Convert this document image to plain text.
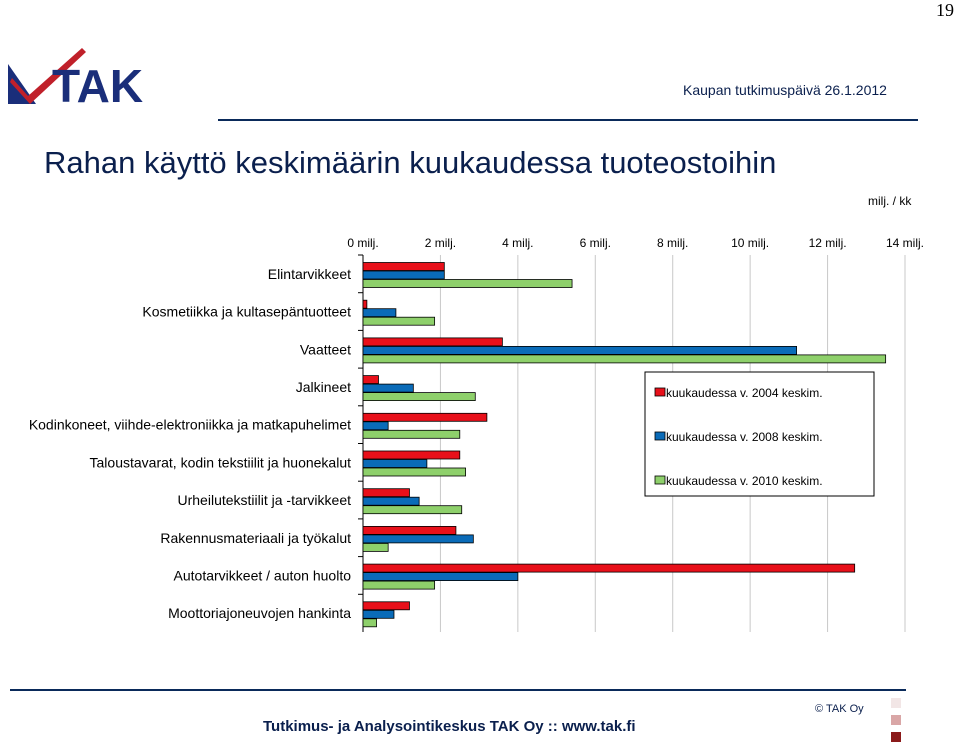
19
TAK	Kaupan tutkimuspäivä 26.1.2012
Rahan käyttö keskimäärin kuukaudessa tuoteostoihin
milj. / kk
0 milj.	2 milj.	4 milj.	6 milj.	8 milj.	10 milj.	12 milj.	14 milj.
Elintarvikkeet
Kosmetiikka ja kultasepäntuotteet
Vaatteet
Jalkineet
Kodinkoneet, viihde-elektroniikka ja matkapuhelimet
Taloustavarat, kodin tekstiilit ja huonekalut
Urheilutekstiilit ja -tarvikkeet
Rakennusmateriaali ja työkalut
Autotarvikkeet / auton huolto
Moottoriajoneuvojen hankinta
kuukaudessa v. 2004 keskim.
kuukaudessa v. 2008 keskim.
kuukaudessa v. 2010 keskim.
Tutkimus- ja Analysointikeskus TAK Oy :: www.tak.fi
© TAK Oy
